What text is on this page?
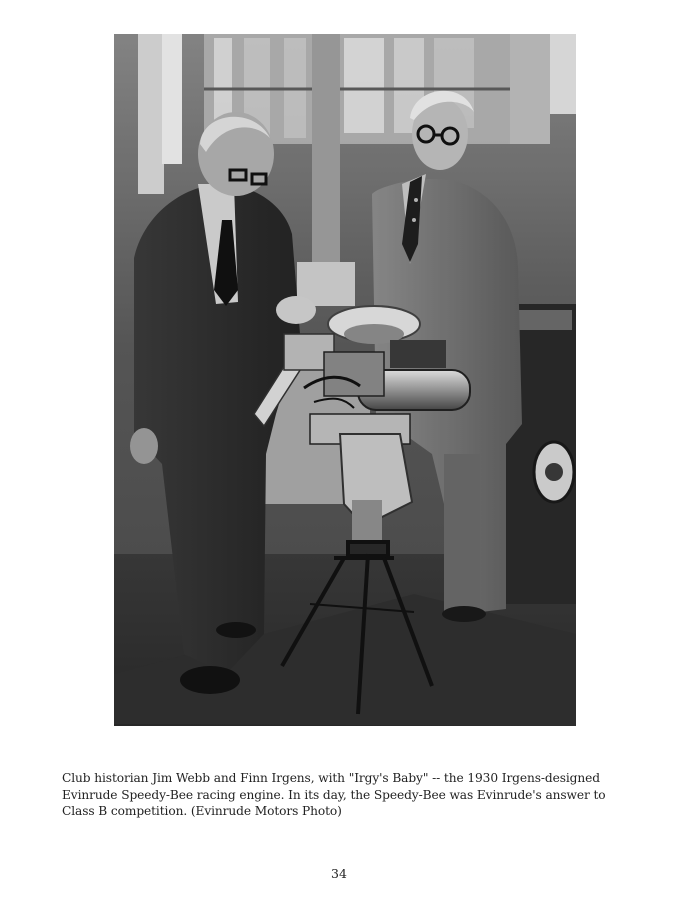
Club historian Jim Webb and Finn Irgens, with "Irgy's Baby" -- the 1930 Irgens-designed
Evinrude Speedy-Bee racing engine. In its day, the Speedy-Bee was Evinrude's answer to
Class B competition. (Evinrude Motors Photo)
34
